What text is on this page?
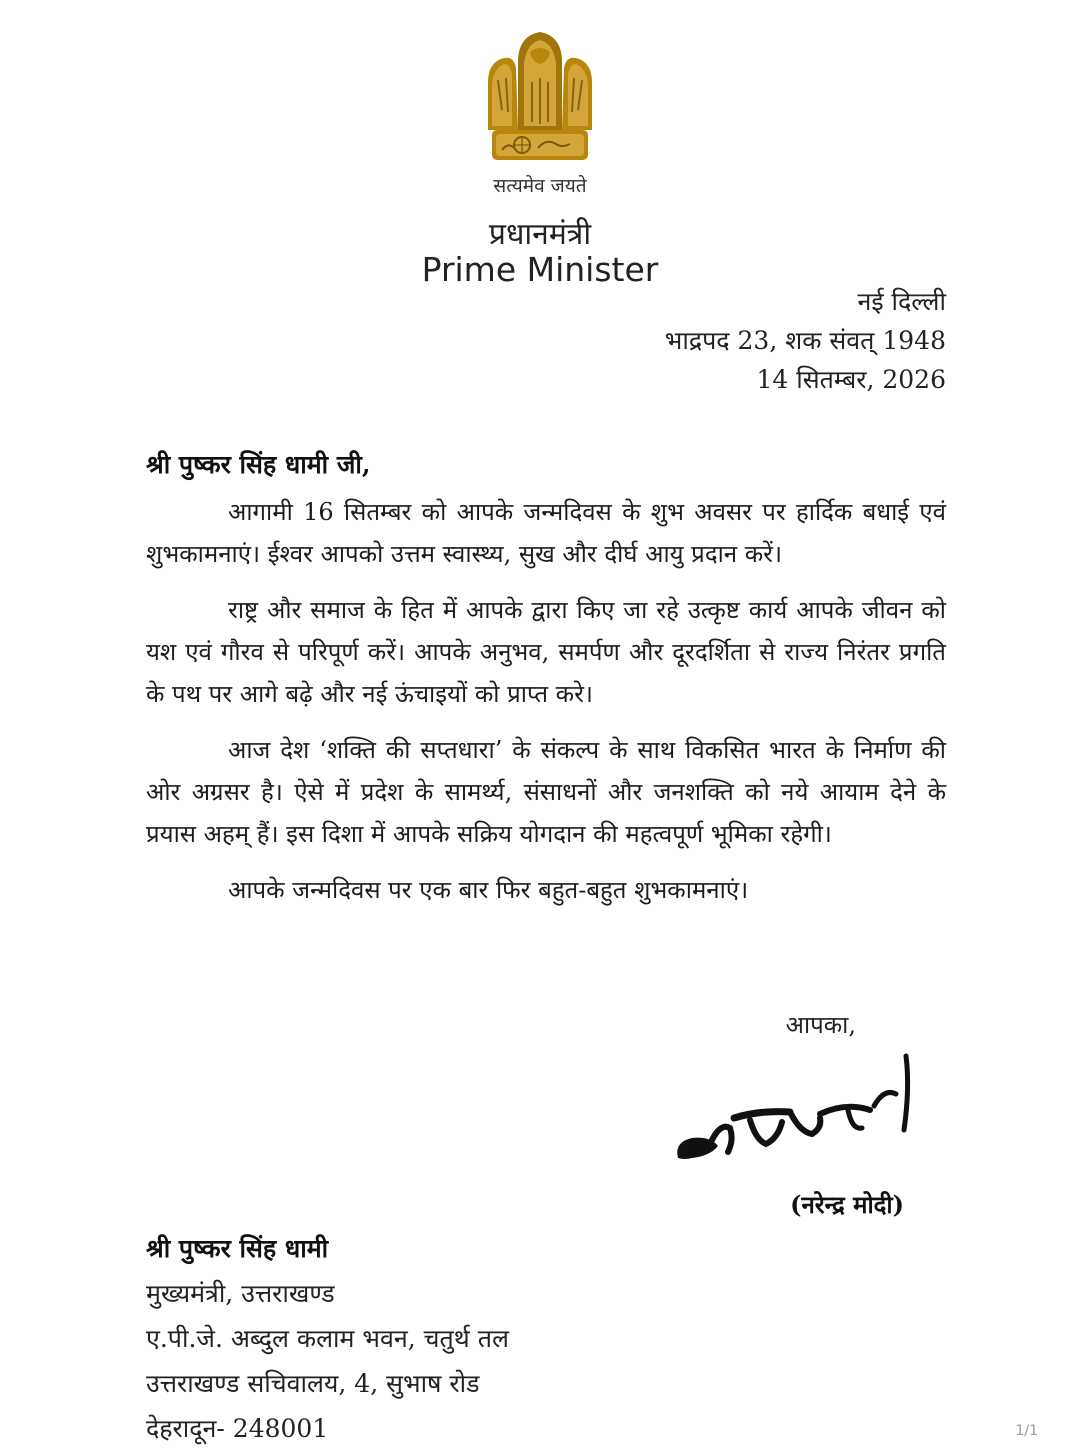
सत्यमेव जयते
प्रधानमंत्री
Prime Minister
नई दिल्ली
भाद्रपद 23, शक संवत् 1948
14 सितम्बर, 2026
श्री पुष्कर सिंह धामी जी,

आगामी 16 सितम्बर को आपके जन्मदिवस के शुभ अवसर पर हार्दिक बधाई एवं शुभकामनाएं। ईश्वर आपको उत्तम स्वास्थ्य, सुख और दीर्घ आयु प्रदान करें।

राष्ट्र और समाज के हित में आपके द्वारा किए जा रहे उत्कृष्ट कार्य आपके जीवन को यश एवं गौरव से परिपूर्ण करें। आपके अनुभव, समर्पण और दूरदर्शिता से राज्य निरंतर प्रगति के पथ पर आगे बढ़े और नई ऊंचाइयों को प्राप्त करे।

आज देश ‘शक्ति की सप्तधारा’ के संकल्प के साथ विकसित भारत के निर्माण की ओर अग्रसर है। ऐसे में प्रदेश के सामर्थ्य, संसाधनों और जनशक्ति को नये आयाम देने के प्रयास अहम् हैं। इस दिशा में आपके सक्रिय योगदान की महत्वपूर्ण भूमिका रहेगी।

आपके जन्मदिवस पर एक बार फिर बहुत-बहुत शुभकामनाएं।

आपका,
(नरेन्द्र मोदी)
श्री पुष्कर सिंह धामी
मुख्यमंत्री, उत्तराखण्ड
ए.पी.जे. अब्दुल कलाम भवन, चतुर्थ तल
उत्तराखण्ड सचिवालय, 4, सुभाष रोड
देहरादून- 248001	1/1
